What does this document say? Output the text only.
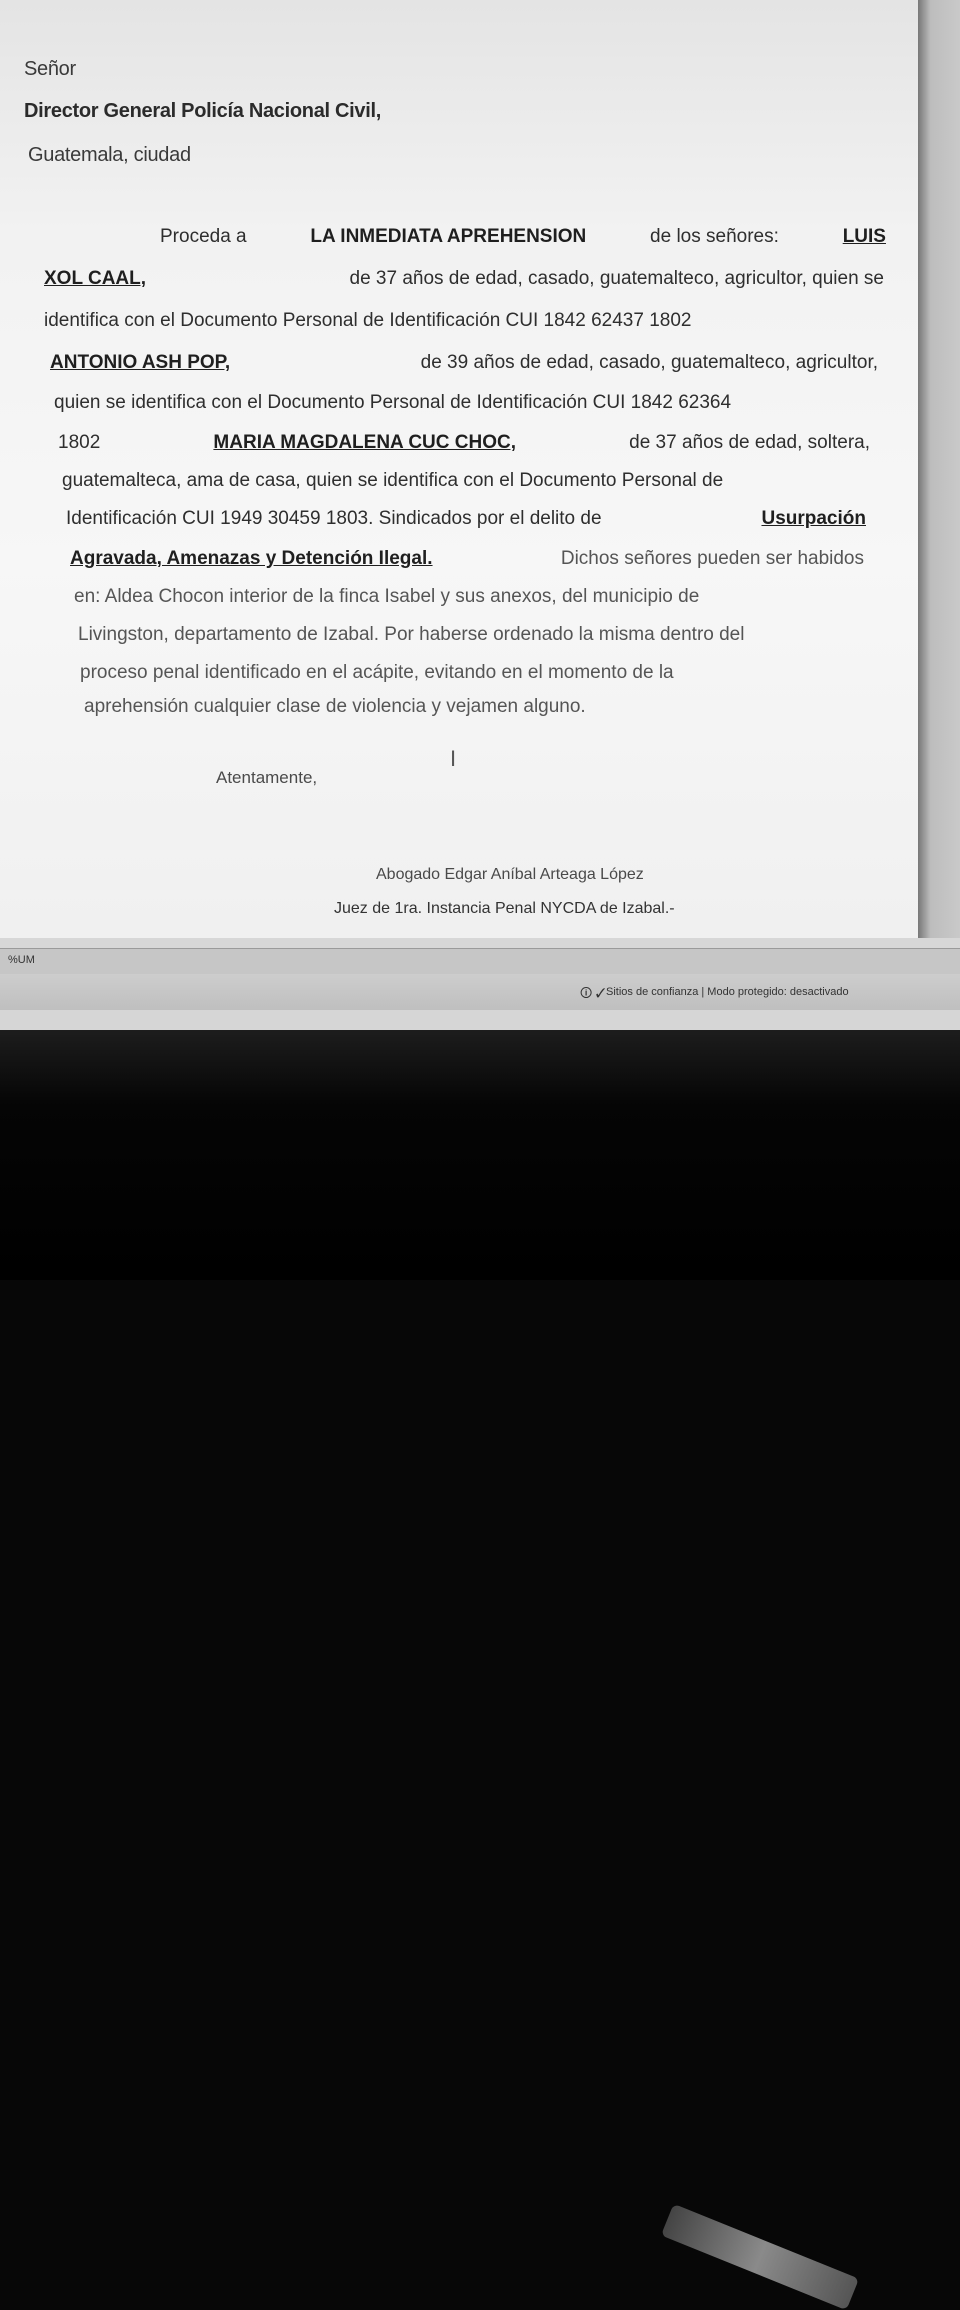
Señor
Director General Policía Nacional Civil,
Guatemala, ciudad
Proceda a	LA INMEDIATA APREHENSION	de los señores:	LUIS
XOL CAAL,	de 37 años de edad, casado, guatemalteco, agricultor, quien se
identifica con el Documento Personal de Identificación CUI 1842 62437 1802
ANTONIO ASH POP,	de 39 años de edad, casado, guatemalteco, agricultor,
quien se identifica con el Documento Personal de Identificación CUI 1842 62364
1802	MARIA MAGDALENA CUC CHOC,	de 37 años de edad, soltera,
guatemalteca, ama de casa, quien se identifica con el Documento Personal de
Identificación CUI 1949 30459 1803. Sindicados por el delito de	Usurpación
Agravada, Amenazas y Detención Ilegal.	Dichos señores pueden ser habidos
en: Aldea Chocon interior de la finca Isabel y sus anexos, del municipio de
Livingston, departamento de Izabal. Por haberse ordenado la misma dentro del
proceso penal identificado en el acápite, evitando en el momento de la
aprehensión cualquier clase de violencia y vejamen alguno.
I
Atentamente,
Abogado Edgar Aníbal Arteaga López
Juez de 1ra. Instancia Penal NYCDA de Izabal.-
%UM
🛈 ✓ Sitios de confianza | Modo protegido: desactivado
